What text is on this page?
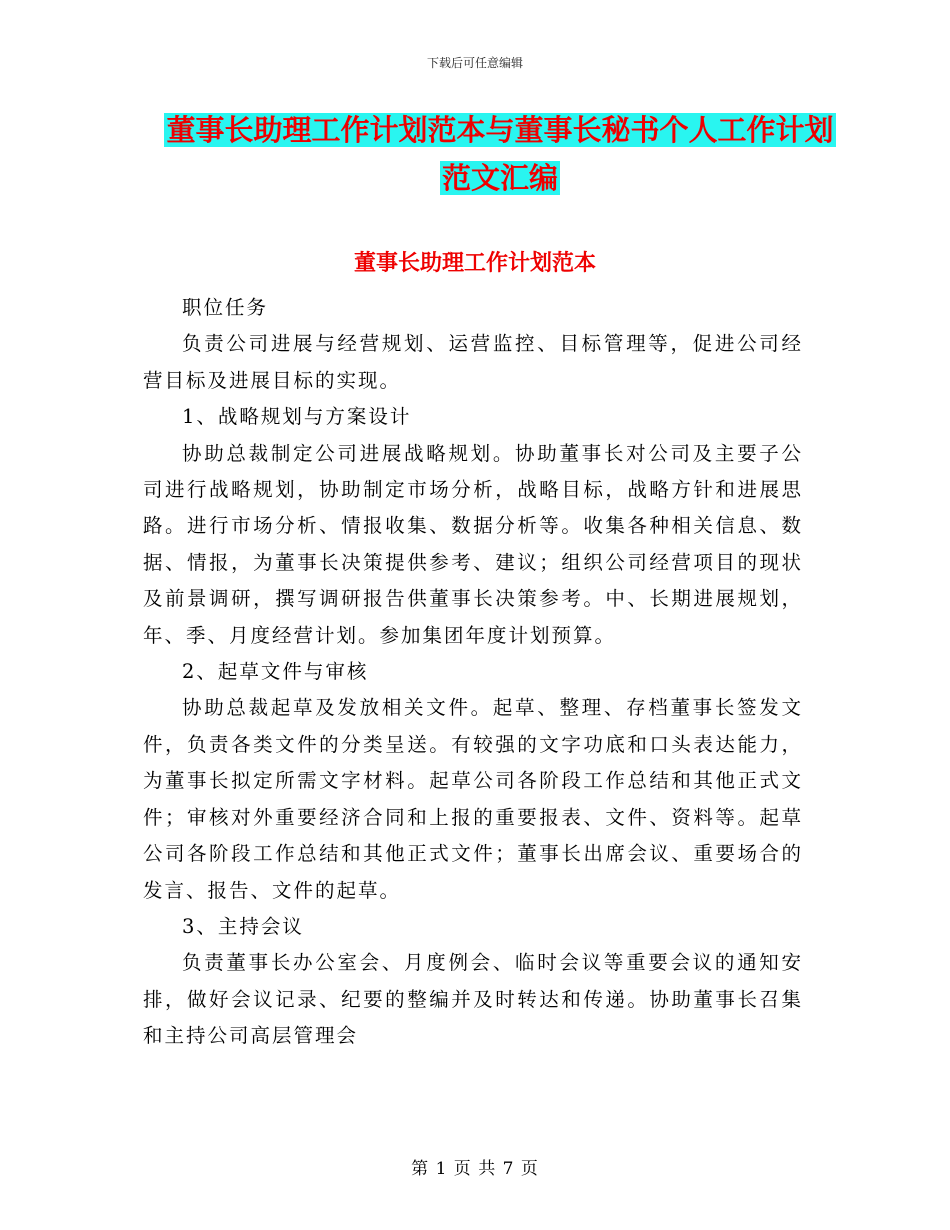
下载后可任意编辑
董事长助理工作计划范本与董事长秘书个人工作计划
范文汇编
董事长助理工作计划范本

职位任务

负责公司进展与经营规划、运营监控、目标管理等，促进公司经营目标及进展目标的实现。

1、战略规划与方案设计

协助总裁制定公司进展战略规划。协助董事长对公司及主要子公司进行战略规划，协助制定市场分析，战略目标，战略方针和进展思路。进行市场分析、情报收集、数据分析等。收集各种相关信息、数据、情报，为董事长决策提供参考、建议；组织公司经营项目的现状及前景调研，撰写调研报告供董事长决策参考。中、长期进展规划，年、季、月度经营计划。参加集团年度计划预算。

2、起草文件与审核

协助总裁起草及发放相关文件。起草、整理、存档董事长签发文件，负责各类文件的分类呈送。有较强的文字功底和口头表达能力，为董事长拟定所需文字材料。起草公司各阶段工作总结和其他正式文件；审核对外重要经济合同和上报的重要报表、文件、资料等。起草公司各阶段工作总结和其他正式文件；董事长出席会议、重要场合的发言、报告、文件的起草。

3、主持会议

负责董事长办公室会、月度例会、临时会议等重要会议的通知安排，做好会议记录、纪要的整编并及时转达和传递。协助董事长召集和主持公司高层管理会

第 1 页 共 7 页
